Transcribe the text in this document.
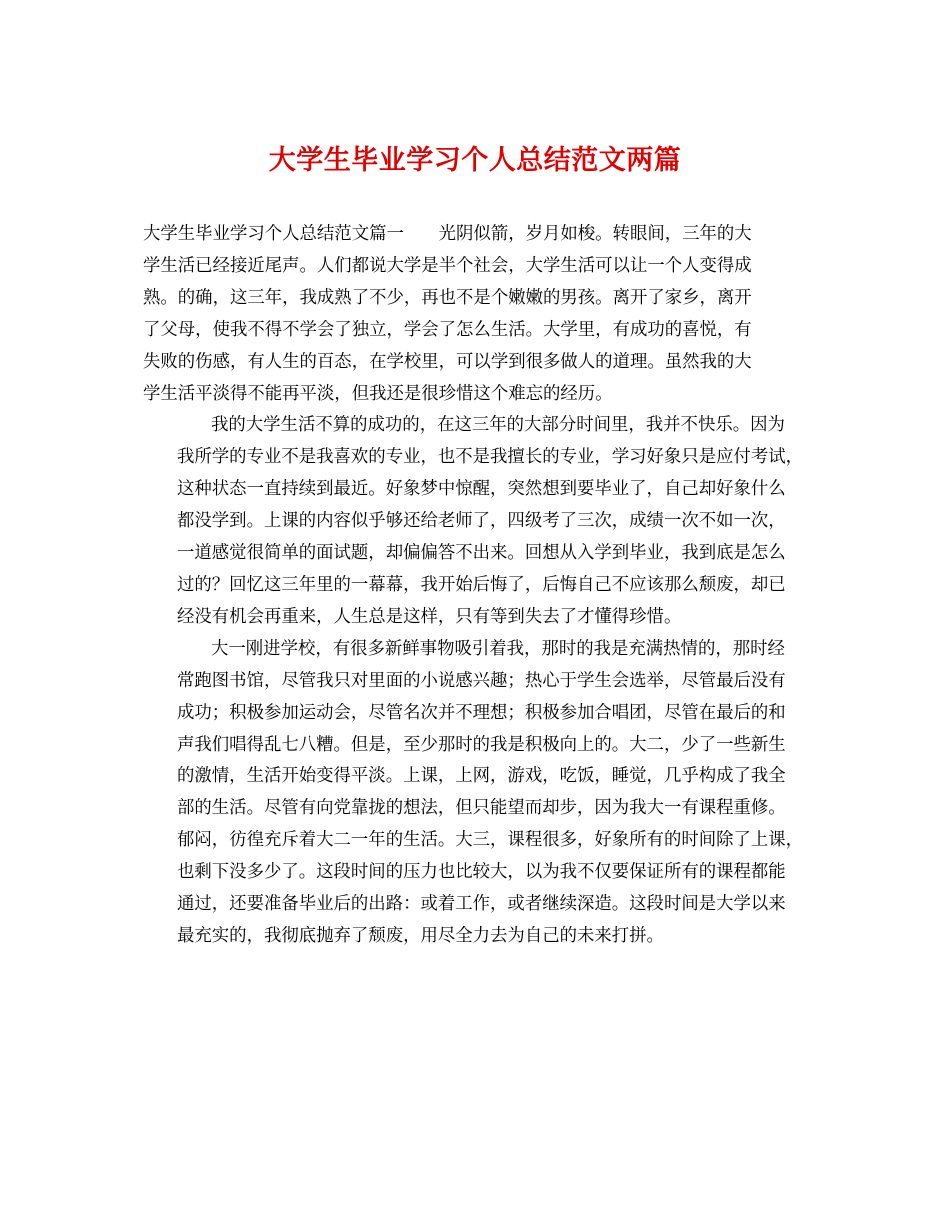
大学生毕业学习个人总结范文两篇

大学生毕业学习个人总结范文篇一　　光阴似箭，岁月如梭。转眼间，三年的大
学生活已经接近尾声。人们都说大学是半个社会，大学生活可以让一个人变得成
熟。的确，这三年，我成熟了不少，再也不是个嫩嫩的男孩。离开了家乡，离开
了父母，使我不得不学会了独立，学会了怎么生活。大学里，有成功的喜悦，有
失败的伤感，有人生的百态，在学校里，可以学到很多做人的道理。虽然我的大
学生活平淡得不能再平淡，但我还是很珍惜这个难忘的经历。

我的大学生活不算的成功的，在这三年的大部分时间里，我并不快乐。因为
我所学的专业不是我喜欢的专业，也不是我擅长的专业，学习好象只是应付考试，
这种状态一直持续到最近。好象梦中惊醒，突然想到要毕业了，自己却好象什么
都没学到。上课的内容似乎够还给老师了，四级考了三次，成绩一次不如一次，
一道感觉很简单的面试题，却偏偏答不出来。回想从入学到毕业，我到底是怎么
过的？回忆这三年里的一幕幕，我开始后悔了，后悔自己不应该那么颓废，却已
经没有机会再重来，人生总是这样，只有等到失去了才懂得珍惜。

大一刚进学校，有很多新鲜事物吸引着我，那时的我是充满热情的，那时经
常跑图书馆，尽管我只对里面的小说感兴趣；热心于学生会选举，尽管最后没有
成功；积极参加运动会，尽管名次并不理想；积极参加合唱团，尽管在最后的和
声我们唱得乱七八糟。但是，至少那时的我是积极向上的。大二，少了一些新生
的激情，生活开始变得平淡。上课，上网，游戏，吃饭，睡觉，几乎构成了我全
部的生活。尽管有向党靠拢的想法，但只能望而却步，因为我大一有课程重修。
郁闷，彷徨充斥着大二一年的生活。大三，课程很多，好象所有的时间除了上课，
也剩下没多少了。这段时间的压力也比较大，以为我不仅要保证所有的课程都能
通过，还要准备毕业后的出路：或着工作，或者继续深造。这段时间是大学以来
最充实的，我彻底抛弃了颓废，用尽全力去为自己的未来打拼。
